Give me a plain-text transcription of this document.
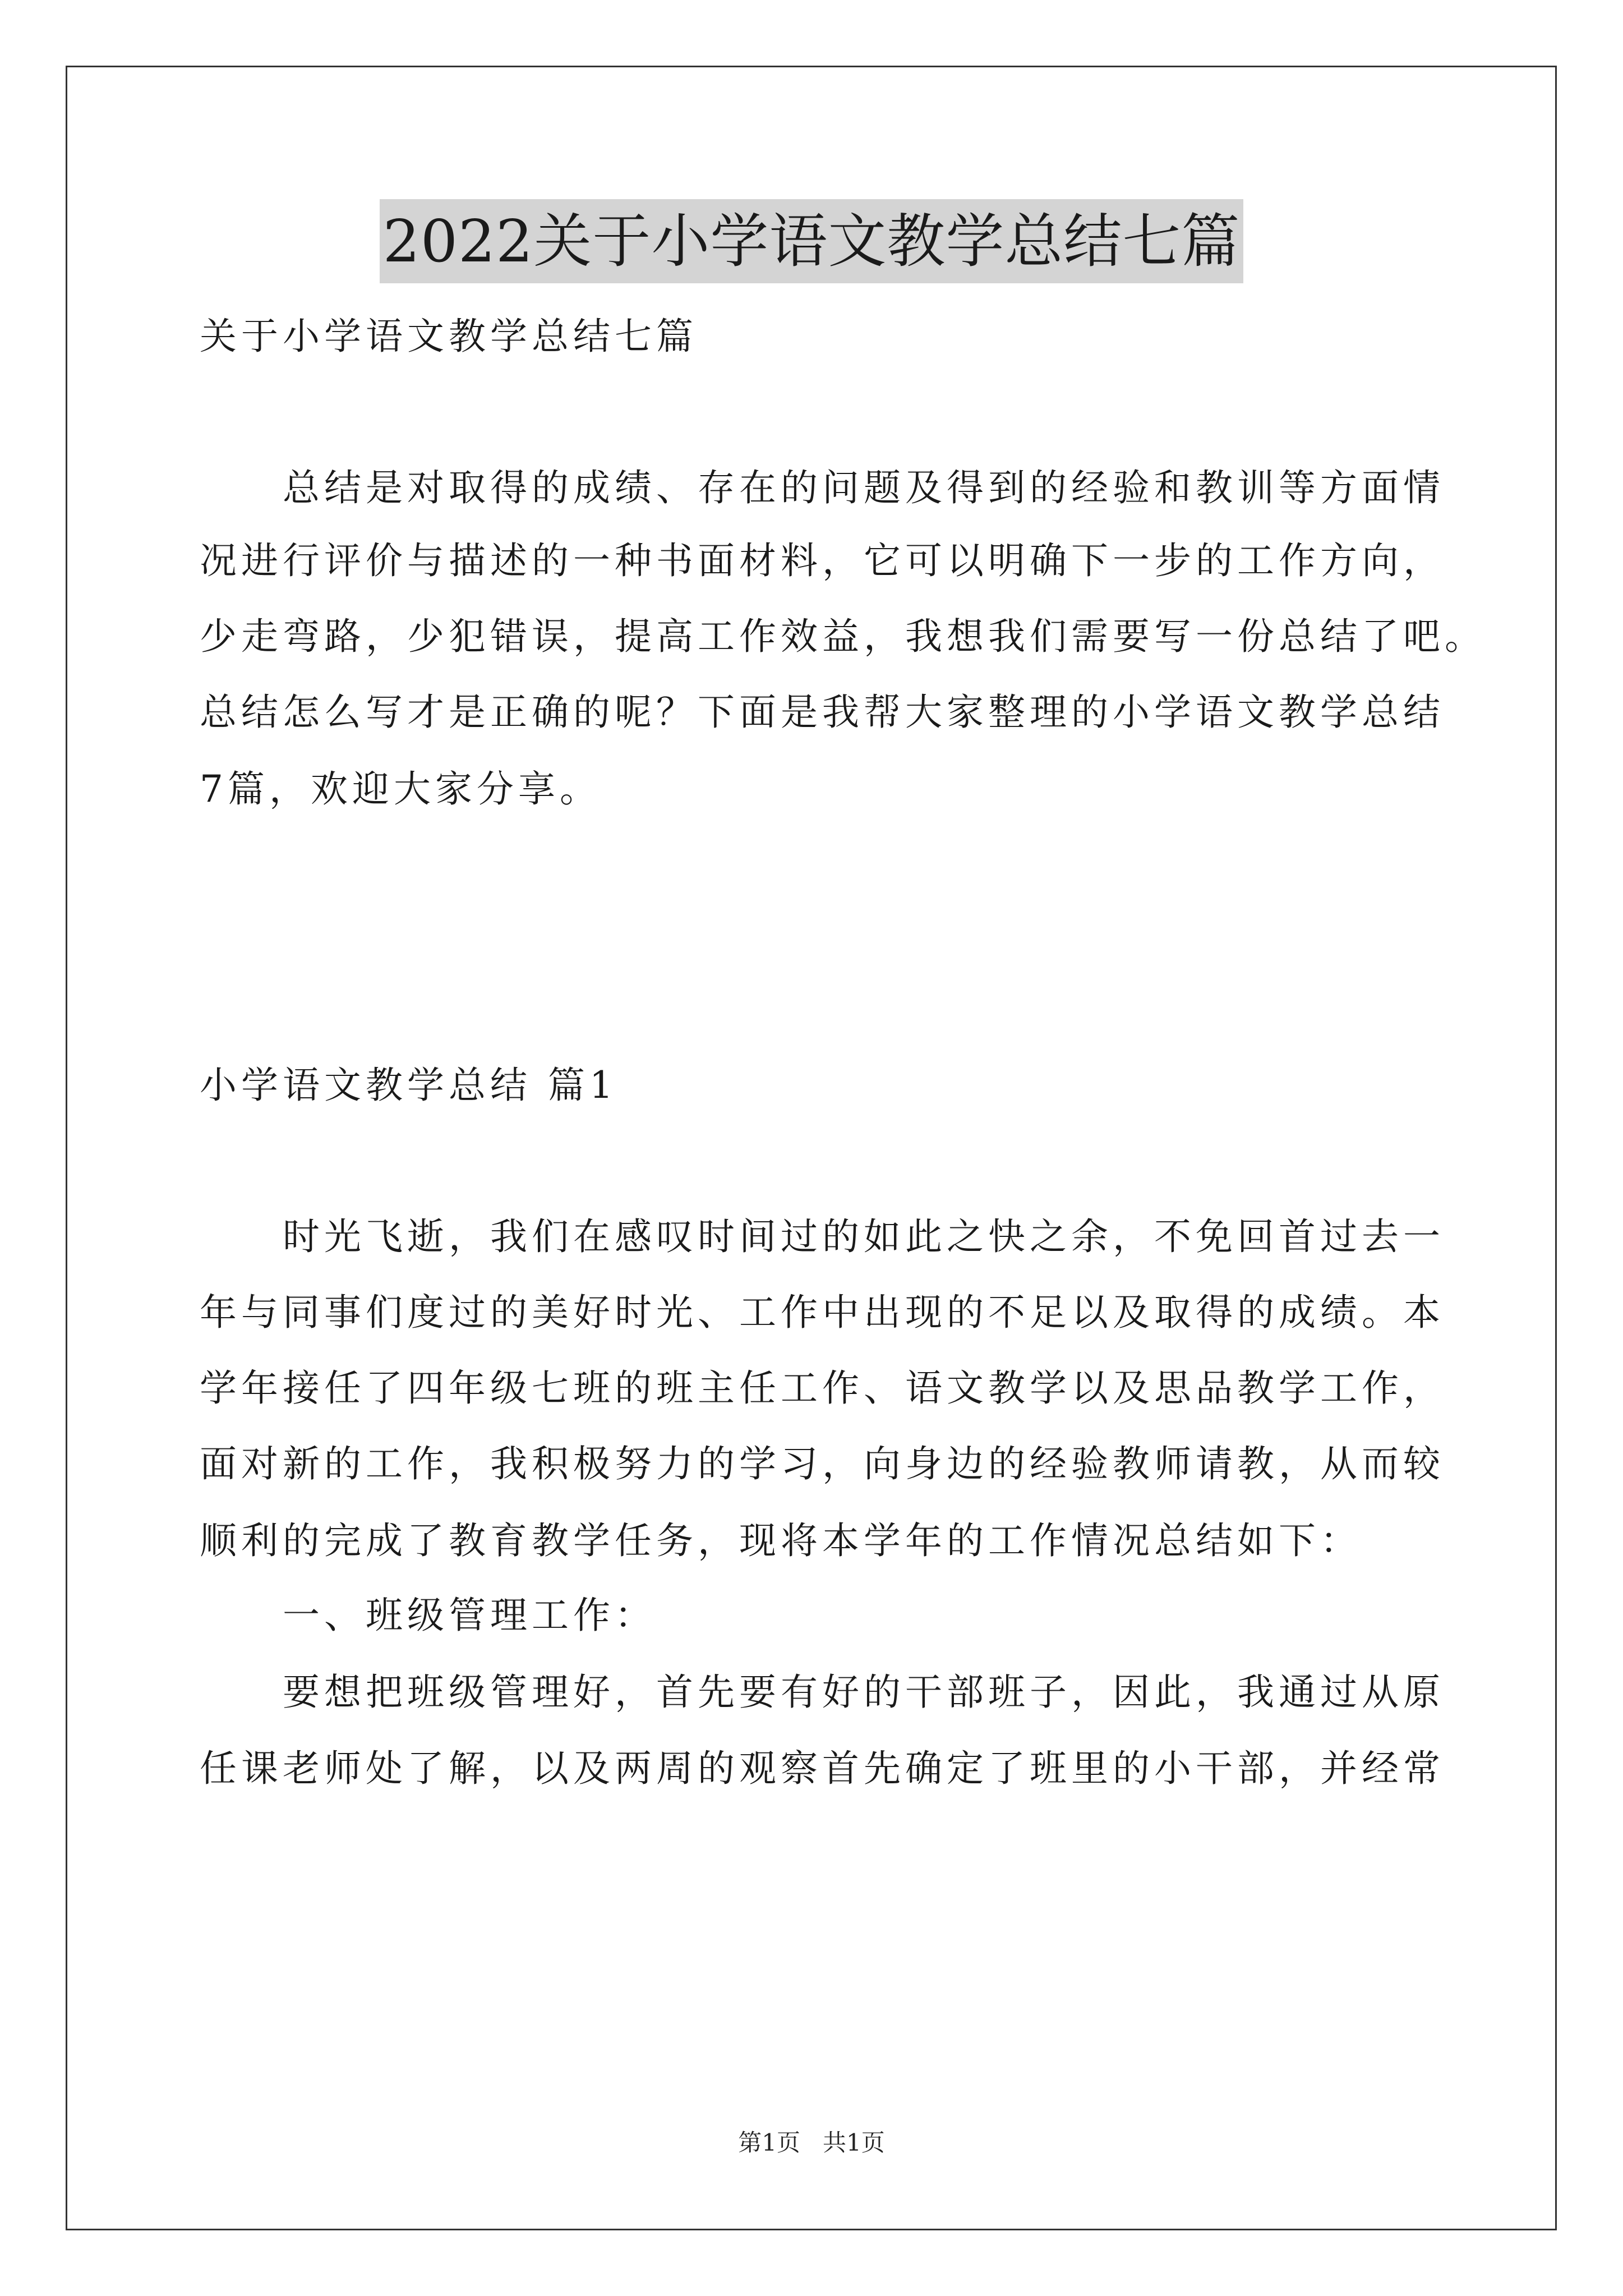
2022关于小学语文教学总结七篇
关于小学语文教学总结七篇
总结是对取得的成绩、存在的问题及得到的经验和教训等方面情
况进行评价与描述的一种书面材料，它可以明确下一步的工作方向，
少走弯路，少犯错误，提高工作效益，我想我们需要写一份总结了吧。
总结怎么写才是正确的呢？下面是我帮大家整理的小学语文教学总结
7篇，欢迎大家分享。
小学语文教学总结 篇1
时光飞逝，我们在感叹时间过的如此之快之余，不免回首过去一
年与同事们度过的美好时光、工作中出现的不足以及取得的成绩。本
学年接任了四年级七班的班主任工作、语文教学以及思品教学工作，
面对新的工作，我积极努力的学习，向身边的经验教师请教，从而较
顺利的完成了教育教学任务，现将本学年的工作情况总结如下：
一、班级管理工作：
要想把班级管理好，首先要有好的干部班子，因此，我通过从原
任课老师处了解，以及两周的观察首先确定了班里的小干部，并经常
第1页   共1页
